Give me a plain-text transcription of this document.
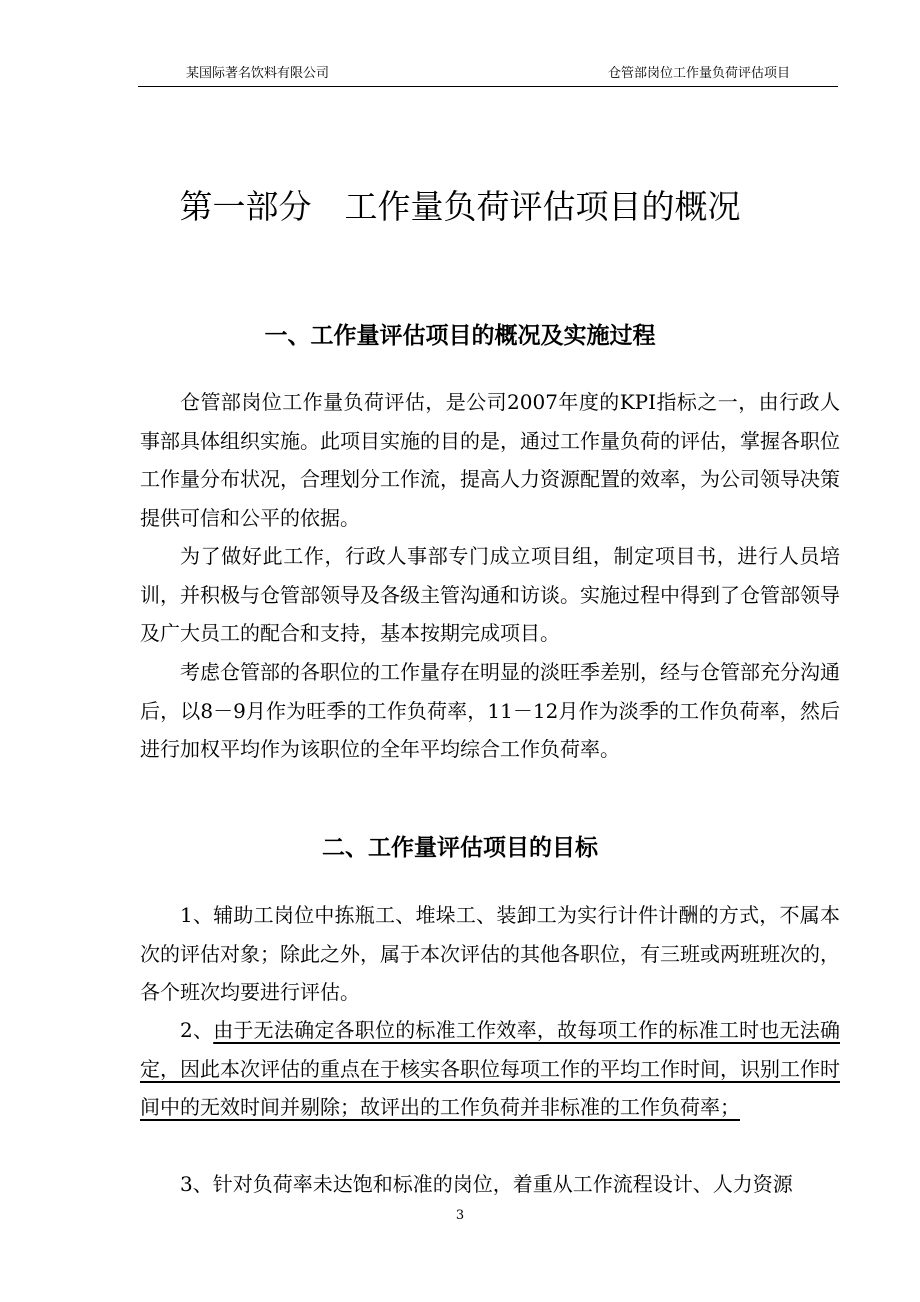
某国际著名饮料有限公司	仓管部岗位工作量负荷评估项目
第一部分　工作量负荷评估项目的概况
一、工作量评估项目的概况及实施过程

仓管部岗位工作量负荷评估，是公司2007年度的KPI指标之一，由行政人事部具体组织实施。此项目实施的目的是，通过工作量负荷的评估，掌握各职位工作量分布状况，合理划分工作流，提高人力资源配置的效率，为公司领导决策提供可信和公平的依据。

为了做好此工作，行政人事部专门成立项目组，制定项目书，进行人员培训，并积极与仓管部领导及各级主管沟通和访谈。实施过程中得到了仓管部领导及广大员工的配合和支持，基本按期完成项目。

考虑仓管部的各职位的工作量存在明显的淡旺季差别，经与仓管部充分沟通后，以8－9月作为旺季的工作负荷率，11－12月作为淡季的工作负荷率，然后进行加权平均作为该职位的全年平均综合工作负荷率。

二、工作量评估项目的目标

1、辅助工岗位中拣瓶工、堆垛工、装卸工为实行计件计酬的方式，不属本次的评估对象；除此之外，属于本次评估的其他各职位，有三班或两班班次的，各个班次均要进行评估。

2、由于无法确定各职位的标准工作效率，故每项工作的标准工时也无法确定，因此本次评估的重点在于核实各职位每项工作的平均工作时间，识别工作时间中的无效时间并剔除；故评出的工作负荷并非标准的工作负荷率；

3、针对负荷率未达饱和标准的岗位，着重从工作流程设计、人力资源

3
